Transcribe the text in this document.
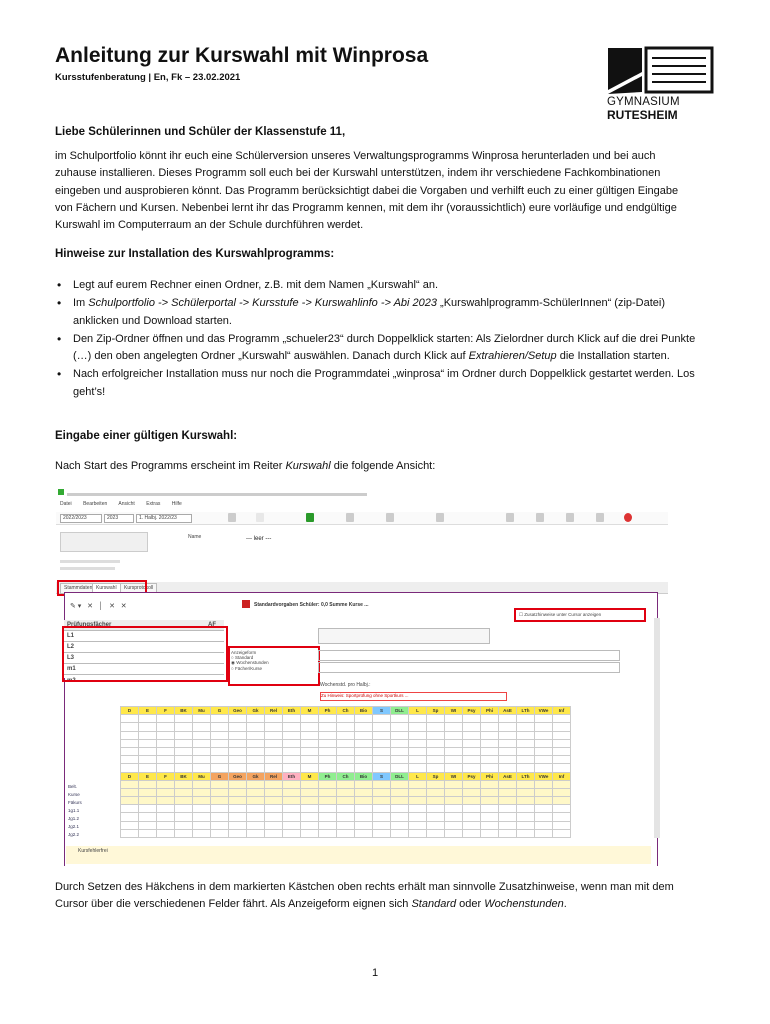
Anleitung zur Kurswahl mit Winprosa
Kursstufenberatung | En, Fk – 23.02.2021
GYMNASIUM
RUTESHEIM
Liebe Schülerinnen und Schüler der Klassenstufe 11,

im Schulportfolio könnt ihr euch eine Schülerversion unseres Verwaltungsprogramms Winprosa herunterladen und bei auch zuhause installieren. Dieses Programm soll euch bei der Kurswahl unterstützen, indem ihr verschiedene Fachkombinationen eingeben und ausprobieren könnt. Das Programm berücksichtigt dabei die Vorgaben und verhilft euch zu einer gültigen Eingabe von Fächern und Kursen. Nebenbei lernt ihr das Programm kennen, mit dem ihr (voraussichtlich) eure vorläufige und endgültige Kurswahl im Computerraum an der Schule durchführen werdet.

Hinweise zur Installation des Kurswahlprogramms:
• Legt auf eurem Rechner einen Ordner, z.B. mit dem Namen „Kurswahl“ an.
• Im Schulportfolio -> Schülerportal -> Kursstufe -> Kurswahlinfo -> Abi 2023 „Kurswahlprogramm-SchülerInnen“ (zip-Datei) anklicken und Download starten.
• Den Zip-Ordner öffnen und das Programm „schueler23“ durch Doppelklick starten: Als Zielordner durch Klick auf die drei Punkte (…) den oben angelegten Ordner „Kurswahl“ auswählen. Danach durch Klick auf Extrahieren/Setup die Installation starten.
• Nach erfolgreicher Installation muss nur noch die Programmdatei „winprosa“ im Ordner durch Doppelklick gestartet werden. Los geht’s!
Eingabe einer gültigen Kurswahl:

Nach Start des Programms erscheint im Reiter Kurswahl die folgende Ansicht:

Datei Bearbeiten Ansicht Extras Hilfe
2022/2023	2023	1. Halbj. 2022/23
Name	--- leer ---
Stammdaten Kurswahl	Kursprotokoll
✎ ▾   ✕   │   ✕   ✕	Standardvorgaben Schüler: 0,0 Summe Kurse ...
☐ Zusatzhinweise unter Cursor anzeigen
Prüfungsfächer	AF
L1
L2
L3
m1
m2
Anzeigeform
○ Standard
◉ Wochenstunden
○ Fächer/Kurse
Wochenstd. pro Halbj.:
Zu Hinweis: Sportprüfung ohne Sportkurs ...
D	E	F	BK	Mu	G	Geo	Gk	Rel	Eth	M	Ph	Ch	Bio	S	DLL	L	Sp	WI	Psy	Phi	AsE	LTh	VWe	Inf

D	E	F	BK	Mu	G	Geo	Gk	Rel	Eth	M	Ph	Ch	Bio	S	DLL	L	Sp	WI	Psy	Phi	AsE	LTh	VWe	Inf

Belt.
Kurse
Fäkurs
1g1.1
Jg1.2
Jg2.1
Jg2.2
Kursfehlerfrei

Durch Setzen des Häkchens in dem markierten Kästchen oben rechts erhält man sinnvolle Zusatzhinweise, wenn man mit dem Cursor über die verschiedenen Felder fährt. Als Anzeigeform eignen sich Standard oder Wochenstunden.

1
